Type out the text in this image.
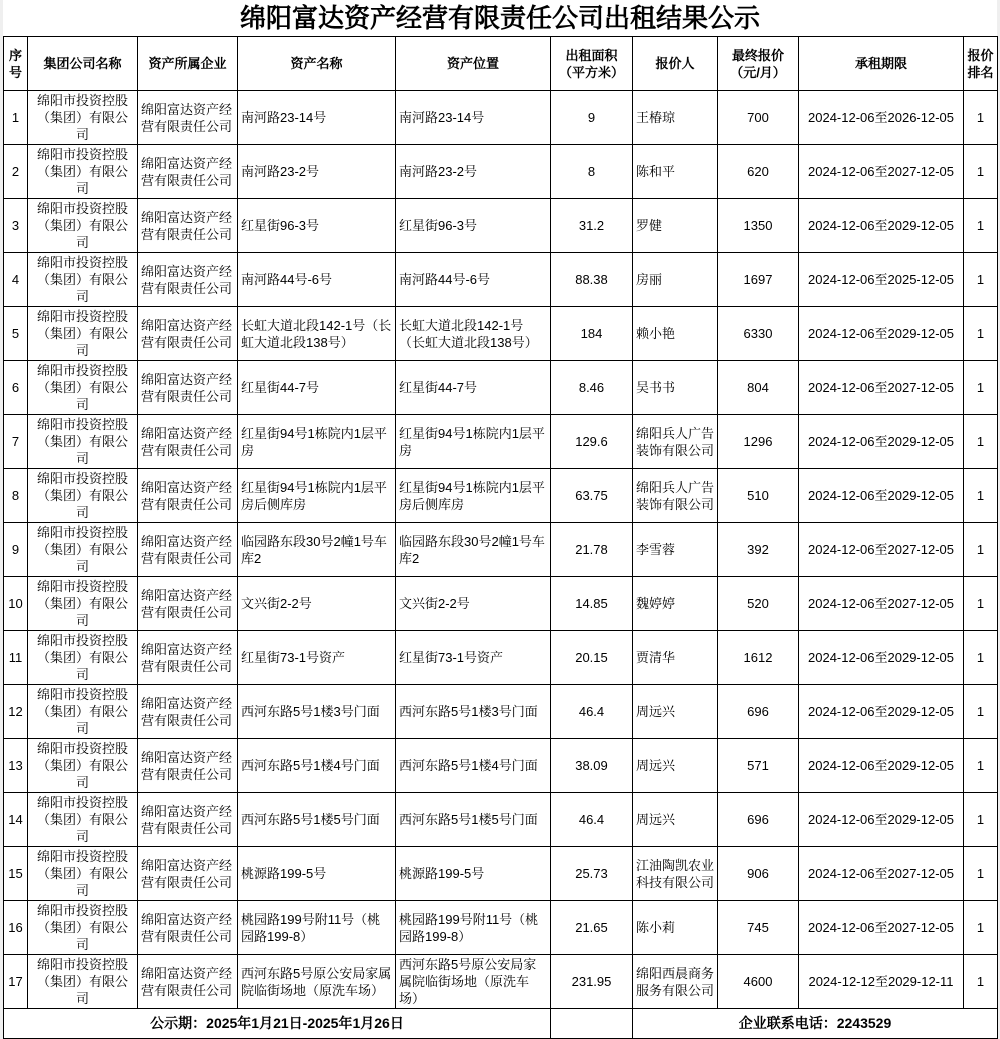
绵阳富达资产经营有限责任公司出租结果公示
序号	集团公司名称	资产所属企业	资产名称	资产位置	出租面积（平方米）	报价人	最终报价（元/月）	承租期限	报价排名
1	绵阳市投资控股（集团）有限公司	绵阳富达资产经营有限责任公司	南河路23-14号	南河路23-14号	9	王椿琼	700	2024-12-06至2026-12-05	1
2	绵阳市投资控股（集团）有限公司	绵阳富达资产经营有限责任公司	南河路23-2号	南河路23-2号	8	陈和平	620	2024-12-06至2027-12-05	1
3	绵阳市投资控股（集团）有限公司	绵阳富达资产经营有限责任公司	红星街96-3号	红星街96-3号	31.2	罗健	1350	2024-12-06至2029-12-05	1
4	绵阳市投资控股（集团）有限公司	绵阳富达资产经营有限责任公司	南河路44号-6号	南河路44号-6号	88.38	房丽	1697	2024-12-06至2025-12-05	1
5	绵阳市投资控股（集团）有限公司	绵阳富达资产经营有限责任公司	长虹大道北段142-1号（长虹大道北段138号）	长虹大道北段142-1号（长虹大道北段138号）	184	赖小艳	6330	2024-12-06至2029-12-05	1
6	绵阳市投资控股（集团）有限公司	绵阳富达资产经营有限责任公司	红星街44-7号	红星街44-7号	8.46	吴书书	804	2024-12-06至2027-12-05	1
7	绵阳市投资控股（集团）有限公司	绵阳富达资产经营有限责任公司	红星街94号1栋院内1层平房	红星街94号1栋院内1层平房	129.6	绵阳兵人广告装饰有限公司	1296	2024-12-06至2029-12-05	1
8	绵阳市投资控股（集团）有限公司	绵阳富达资产经营有限责任公司	红星街94号1栋院内1层平房后侧库房	红星街94号1栋院内1层平房后侧库房	63.75	绵阳兵人广告装饰有限公司	510	2024-12-06至2029-12-05	1
9	绵阳市投资控股（集团）有限公司	绵阳富达资产经营有限责任公司	临园路东段30号2幢1号车库2	临园路东段30号2幢1号车库2	21.78	李雪蓉	392	2024-12-06至2027-12-05	1
10	绵阳市投资控股（集团）有限公司	绵阳富达资产经营有限责任公司	文兴街2-2号	文兴街2-2号	14.85	魏婷婷	520	2024-12-06至2027-12-05	1
11	绵阳市投资控股（集团）有限公司	绵阳富达资产经营有限责任公司	红星街73-1号资产	红星街73-1号资产	20.15	贾清华	1612	2024-12-06至2029-12-05	1
12	绵阳市投资控股（集团）有限公司	绵阳富达资产经营有限责任公司	西河东路5号1楼3号门面	西河东路5号1楼3号门面	46.4	周远兴	696	2024-12-06至2029-12-05	1
13	绵阳市投资控股（集团）有限公司	绵阳富达资产经营有限责任公司	西河东路5号1楼4号门面	西河东路5号1楼4号门面	38.09	周远兴	571	2024-12-06至2029-12-05	1
14	绵阳市投资控股（集团）有限公司	绵阳富达资产经营有限责任公司	西河东路5号1楼5号门面	西河东路5号1楼5号门面	46.4	周远兴	696	2024-12-06至2029-12-05	1
15	绵阳市投资控股（集团）有限公司	绵阳富达资产经营有限责任公司	桃源路199-5号	桃源路199-5号	25.73	江油陶凯农业科技有限公司	906	2024-12-06至2027-12-05	1
16	绵阳市投资控股（集团）有限公司	绵阳富达资产经营有限责任公司	桃园路199号附11号（桃园路199-8）	桃园路199号附11号（桃园路199-8）	21.65	陈小莉	745	2024-12-06至2027-12-05	1
17	绵阳市投资控股（集团）有限公司	绵阳富达资产经营有限责任公司	西河东路5号原公安局家属院临街场地（原洗车场）	西河东路5号原公安局家属院临街场地（原洗车场）	231.95	绵阳西晨商务服务有限公司	4600	2024-12-12至2029-12-11	1
公示期：2025年1月21日-2025年1月26日						企业联系电话：2243529			
